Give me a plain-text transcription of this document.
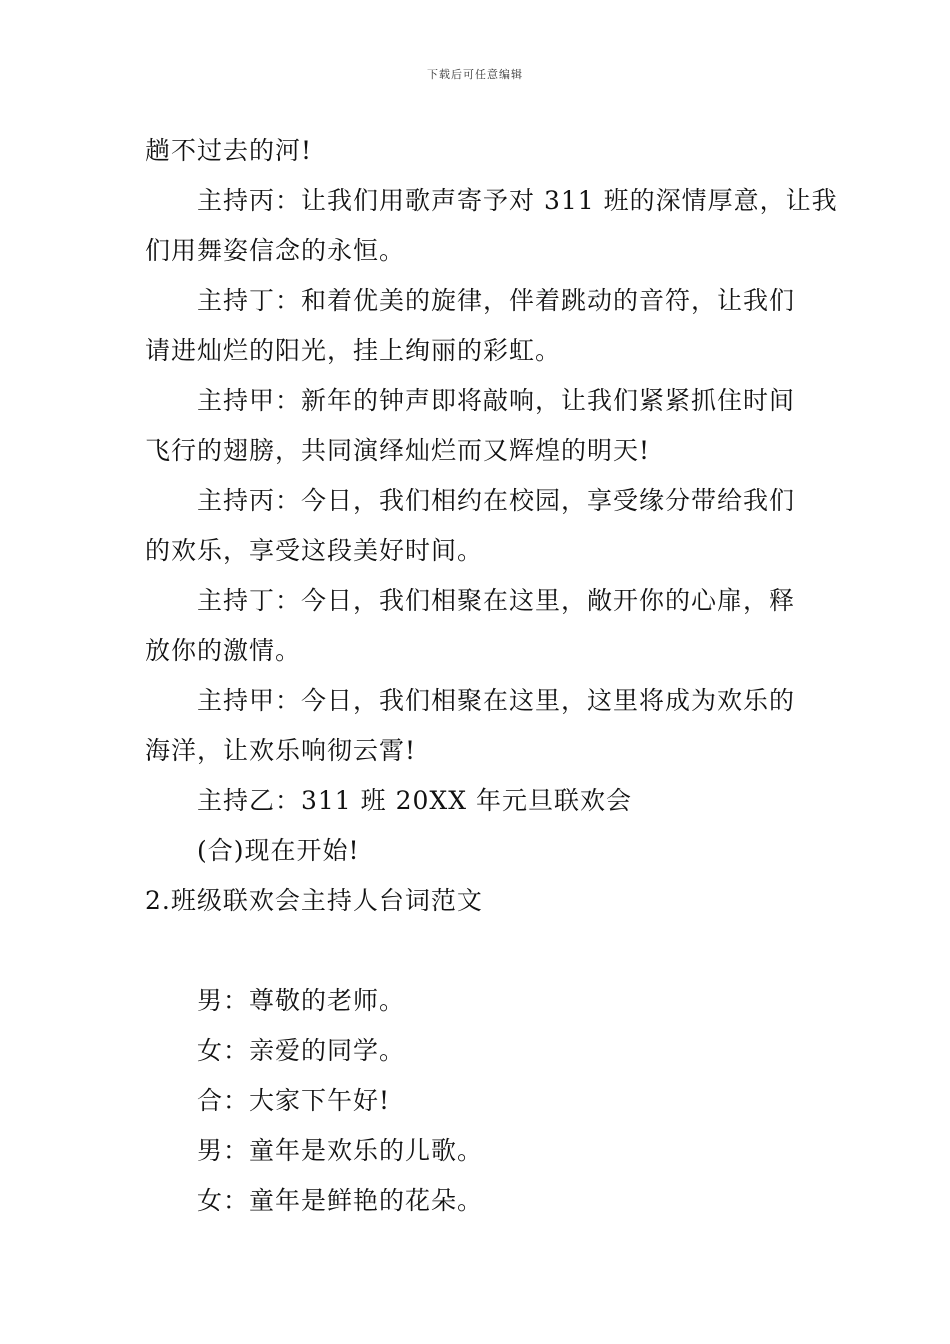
下载后可任意编辑
趟不过去的河!
主持丙：让我们用歌声寄予对 311 班的深情厚意，让我
们用舞姿信念的永恒。
主持丁：和着优美的旋律，伴着跳动的音符，让我们
请进灿烂的阳光，挂上绚丽的彩虹。
主持甲：新年的钟声即将敲响，让我们紧紧抓住时间
飞行的翅膀，共同演绎灿烂而又辉煌的明天!
主持丙：今日，我们相约在校园，享受缘分带给我们
的欢乐，享受这段美好时间。
主持丁：今日，我们相聚在这里，敞开你的心扉，释
放你的激情。
主持甲：今日，我们相聚在这里，这里将成为欢乐的
海洋，让欢乐响彻云霄!
主持乙：311 班 20XX 年元旦联欢会
(合)现在开始!
2.班级联欢会主持人台词范文
男：尊敬的老师。
女：亲爱的同学。
合：大家下午好!
男：童年是欢乐的儿歌。
女：童年是鲜艳的花朵。
